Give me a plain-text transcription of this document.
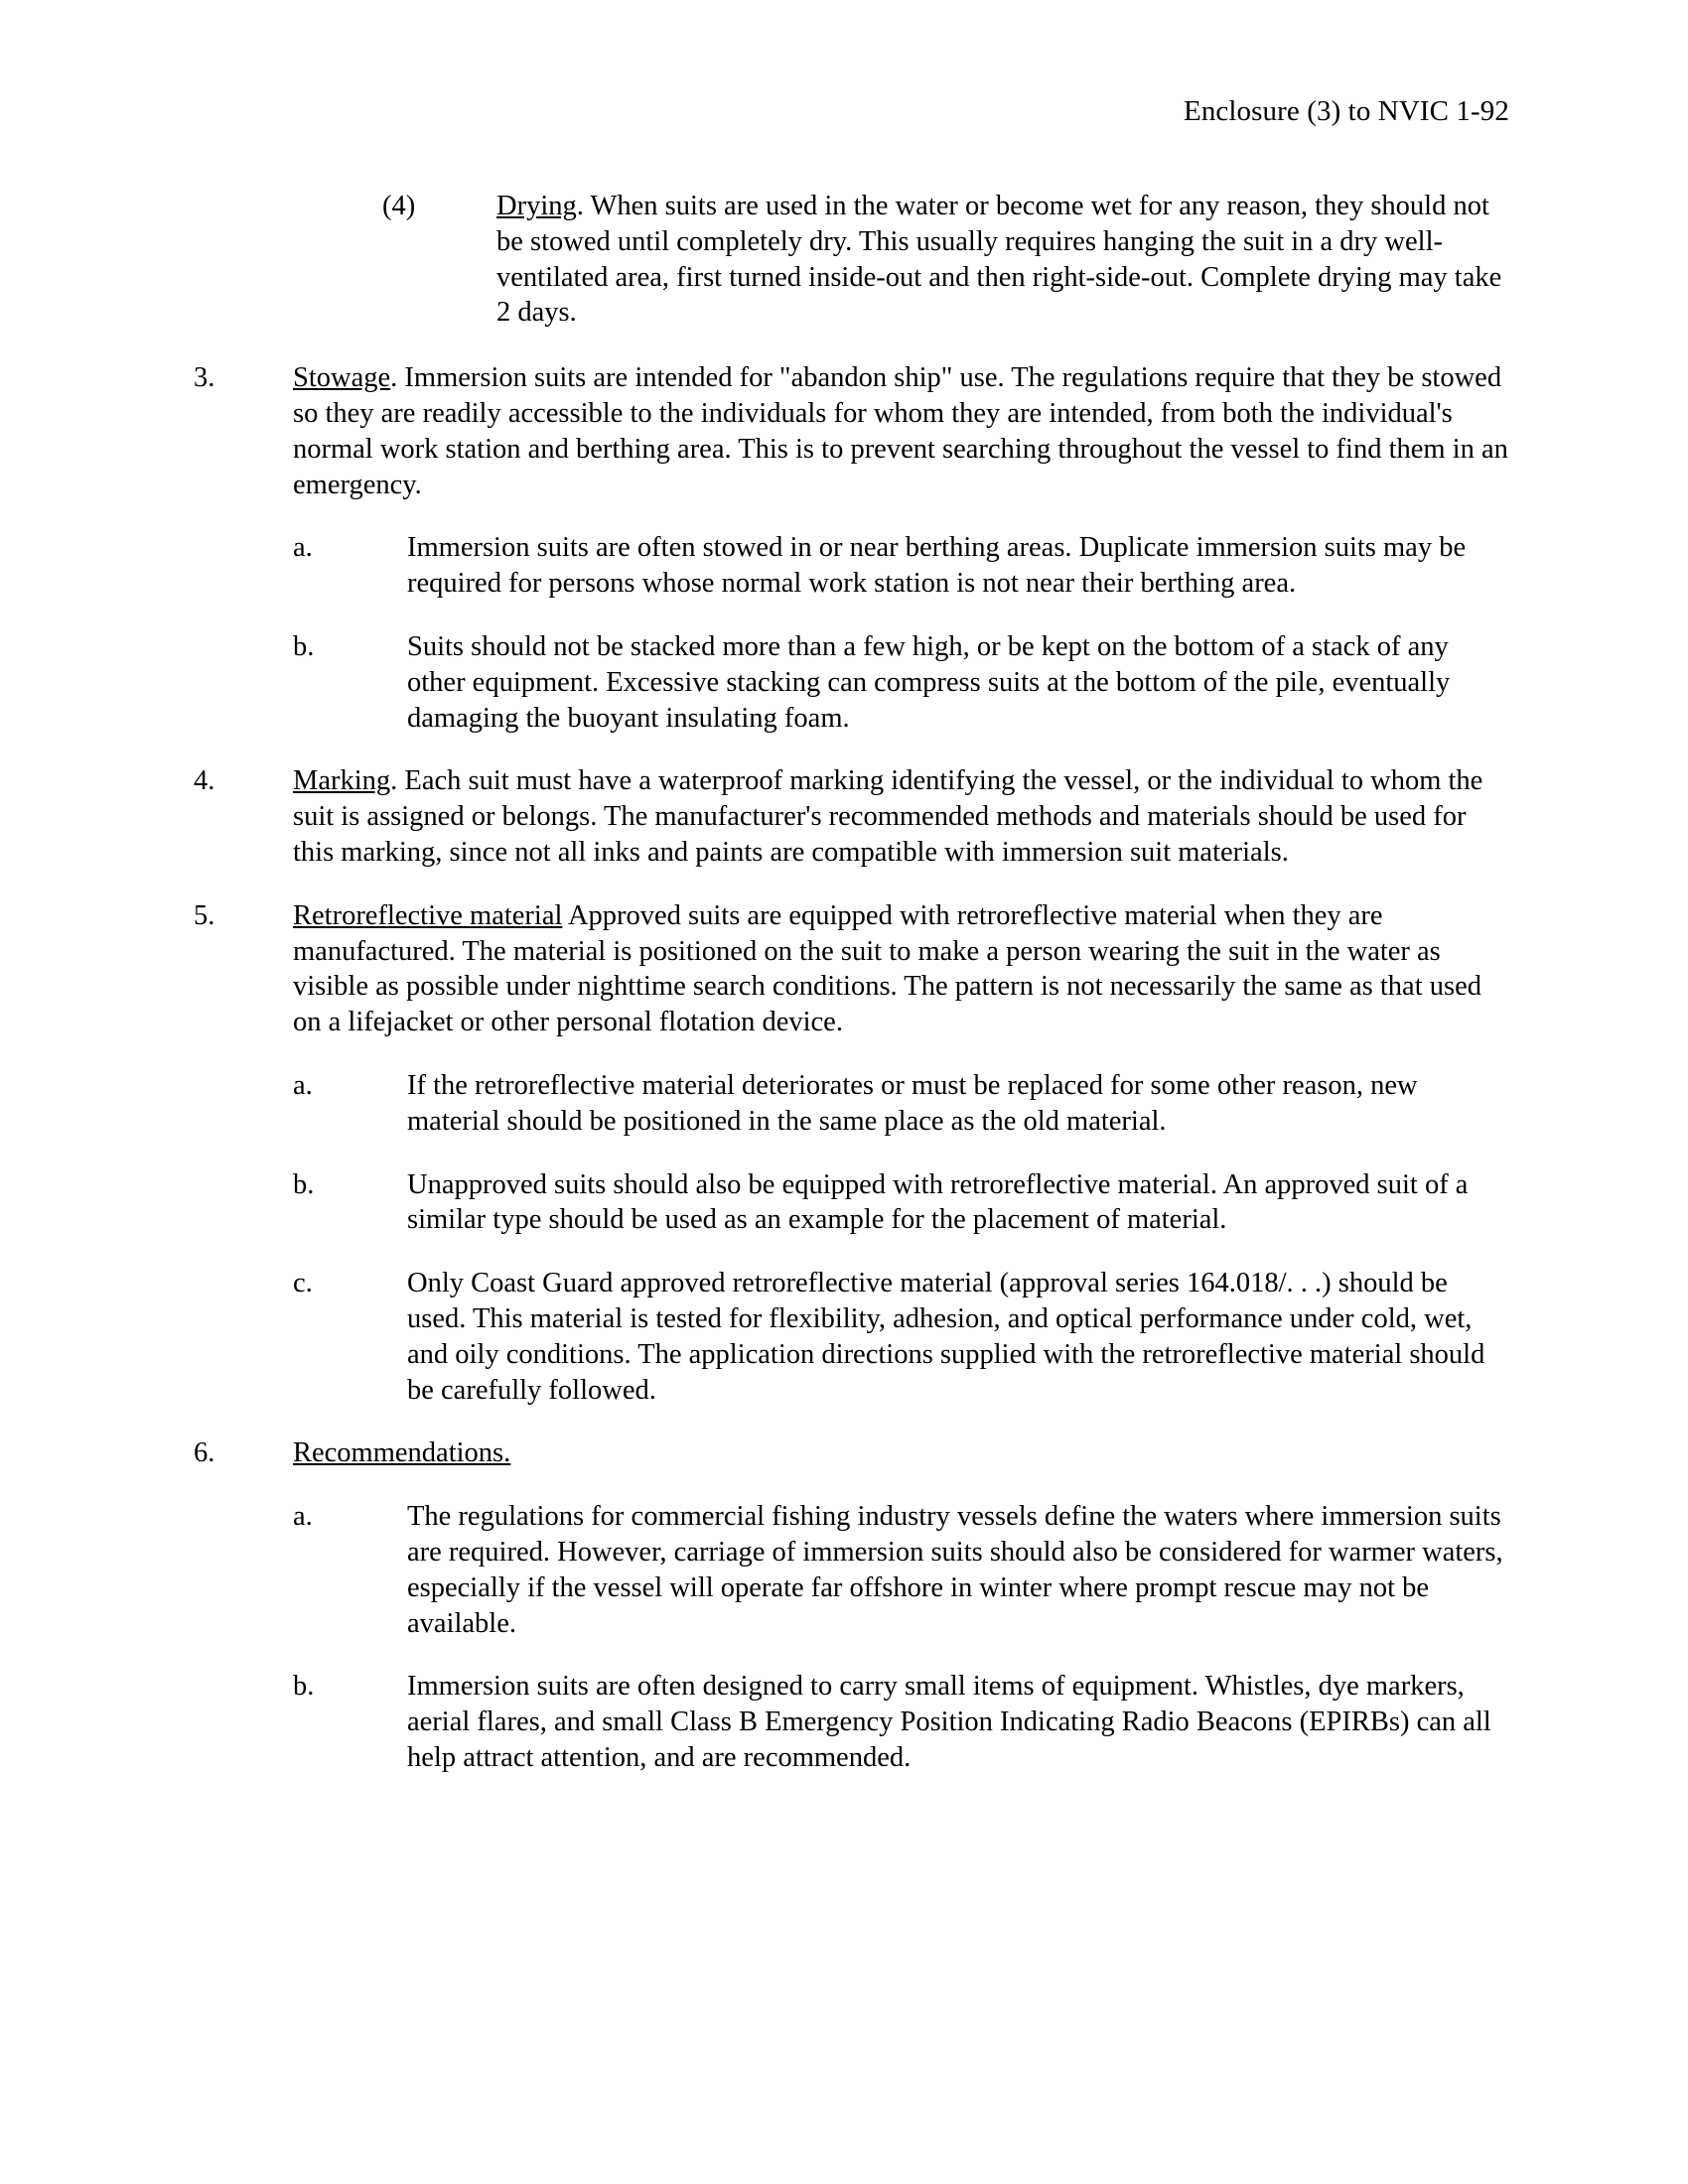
Enclosure (3) to NVIC 1-92
(4)	Drying. When suits are used in the water or become wet for any reason, they should not be stowed until completely dry. This usually requires hanging the suit in a dry well-ventilated area, first turned inside-out and then right-side-out. Complete drying may take 2 days.

3.	Stowage. Immersion suits are intended for "abandon ship" use. The regulations require that they be stowed so they are readily accessible to the individuals for whom they are intended, from both the individual's normal work station and berthing area. This is to prevent searching throughout the vessel to find them in an emergency.

a.	Immersion suits are often stowed in or near berthing areas. Duplicate immersion suits may be required for persons whose normal work station is not near their berthing area.

b.	Suits should not be stacked more than a few high, or be kept on the bottom of a stack of any other equipment. Excessive stacking can compress suits at the bottom of the pile, eventually damaging the buoyant insulating foam.

4.	Marking. Each suit must have a waterproof marking identifying the vessel, or the individual to whom the suit is assigned or belongs. The manufacturer's recommended methods and materials should be used for this marking, since not all inks and paints are compatible with immersion suit materials.

5.	Retroreflective material Approved suits are equipped with retroreflective material when they are manufactured. The material is positioned on the suit to make a person wearing the suit in the water as visible as possible under nighttime search conditions. The pattern is not necessarily the same as that used on a lifejacket or other personal flotation device.

a.	If the retroreflective material deteriorates or must be replaced for some other reason, new material should be positioned in the same place as the old material.

b.	Unapproved suits should also be equipped with retroreflective material. An approved suit of a similar type should be used as an example for the placement of material.

c.	Only Coast Guard approved retroreflective material (approval series 164.018/. . .) should be used. This material is tested for flexibility, adhesion, and optical performance under cold, wet, and oily conditions. The application directions supplied with the retroreflective material should be carefully followed.

6.	Recommendations.

a.	The regulations for commercial fishing industry vessels define the waters where immersion suits are required. However, carriage of immersion suits should also be considered for warmer waters, especially if the vessel will operate far offshore in winter where prompt rescue may not be available.

b.	Immersion suits are often designed to carry small items of equipment. Whistles, dye markers, aerial flares, and small Class B Emergency Position Indicating Radio Beacons (EPIRBs) can all help attract attention, and are recommended.
